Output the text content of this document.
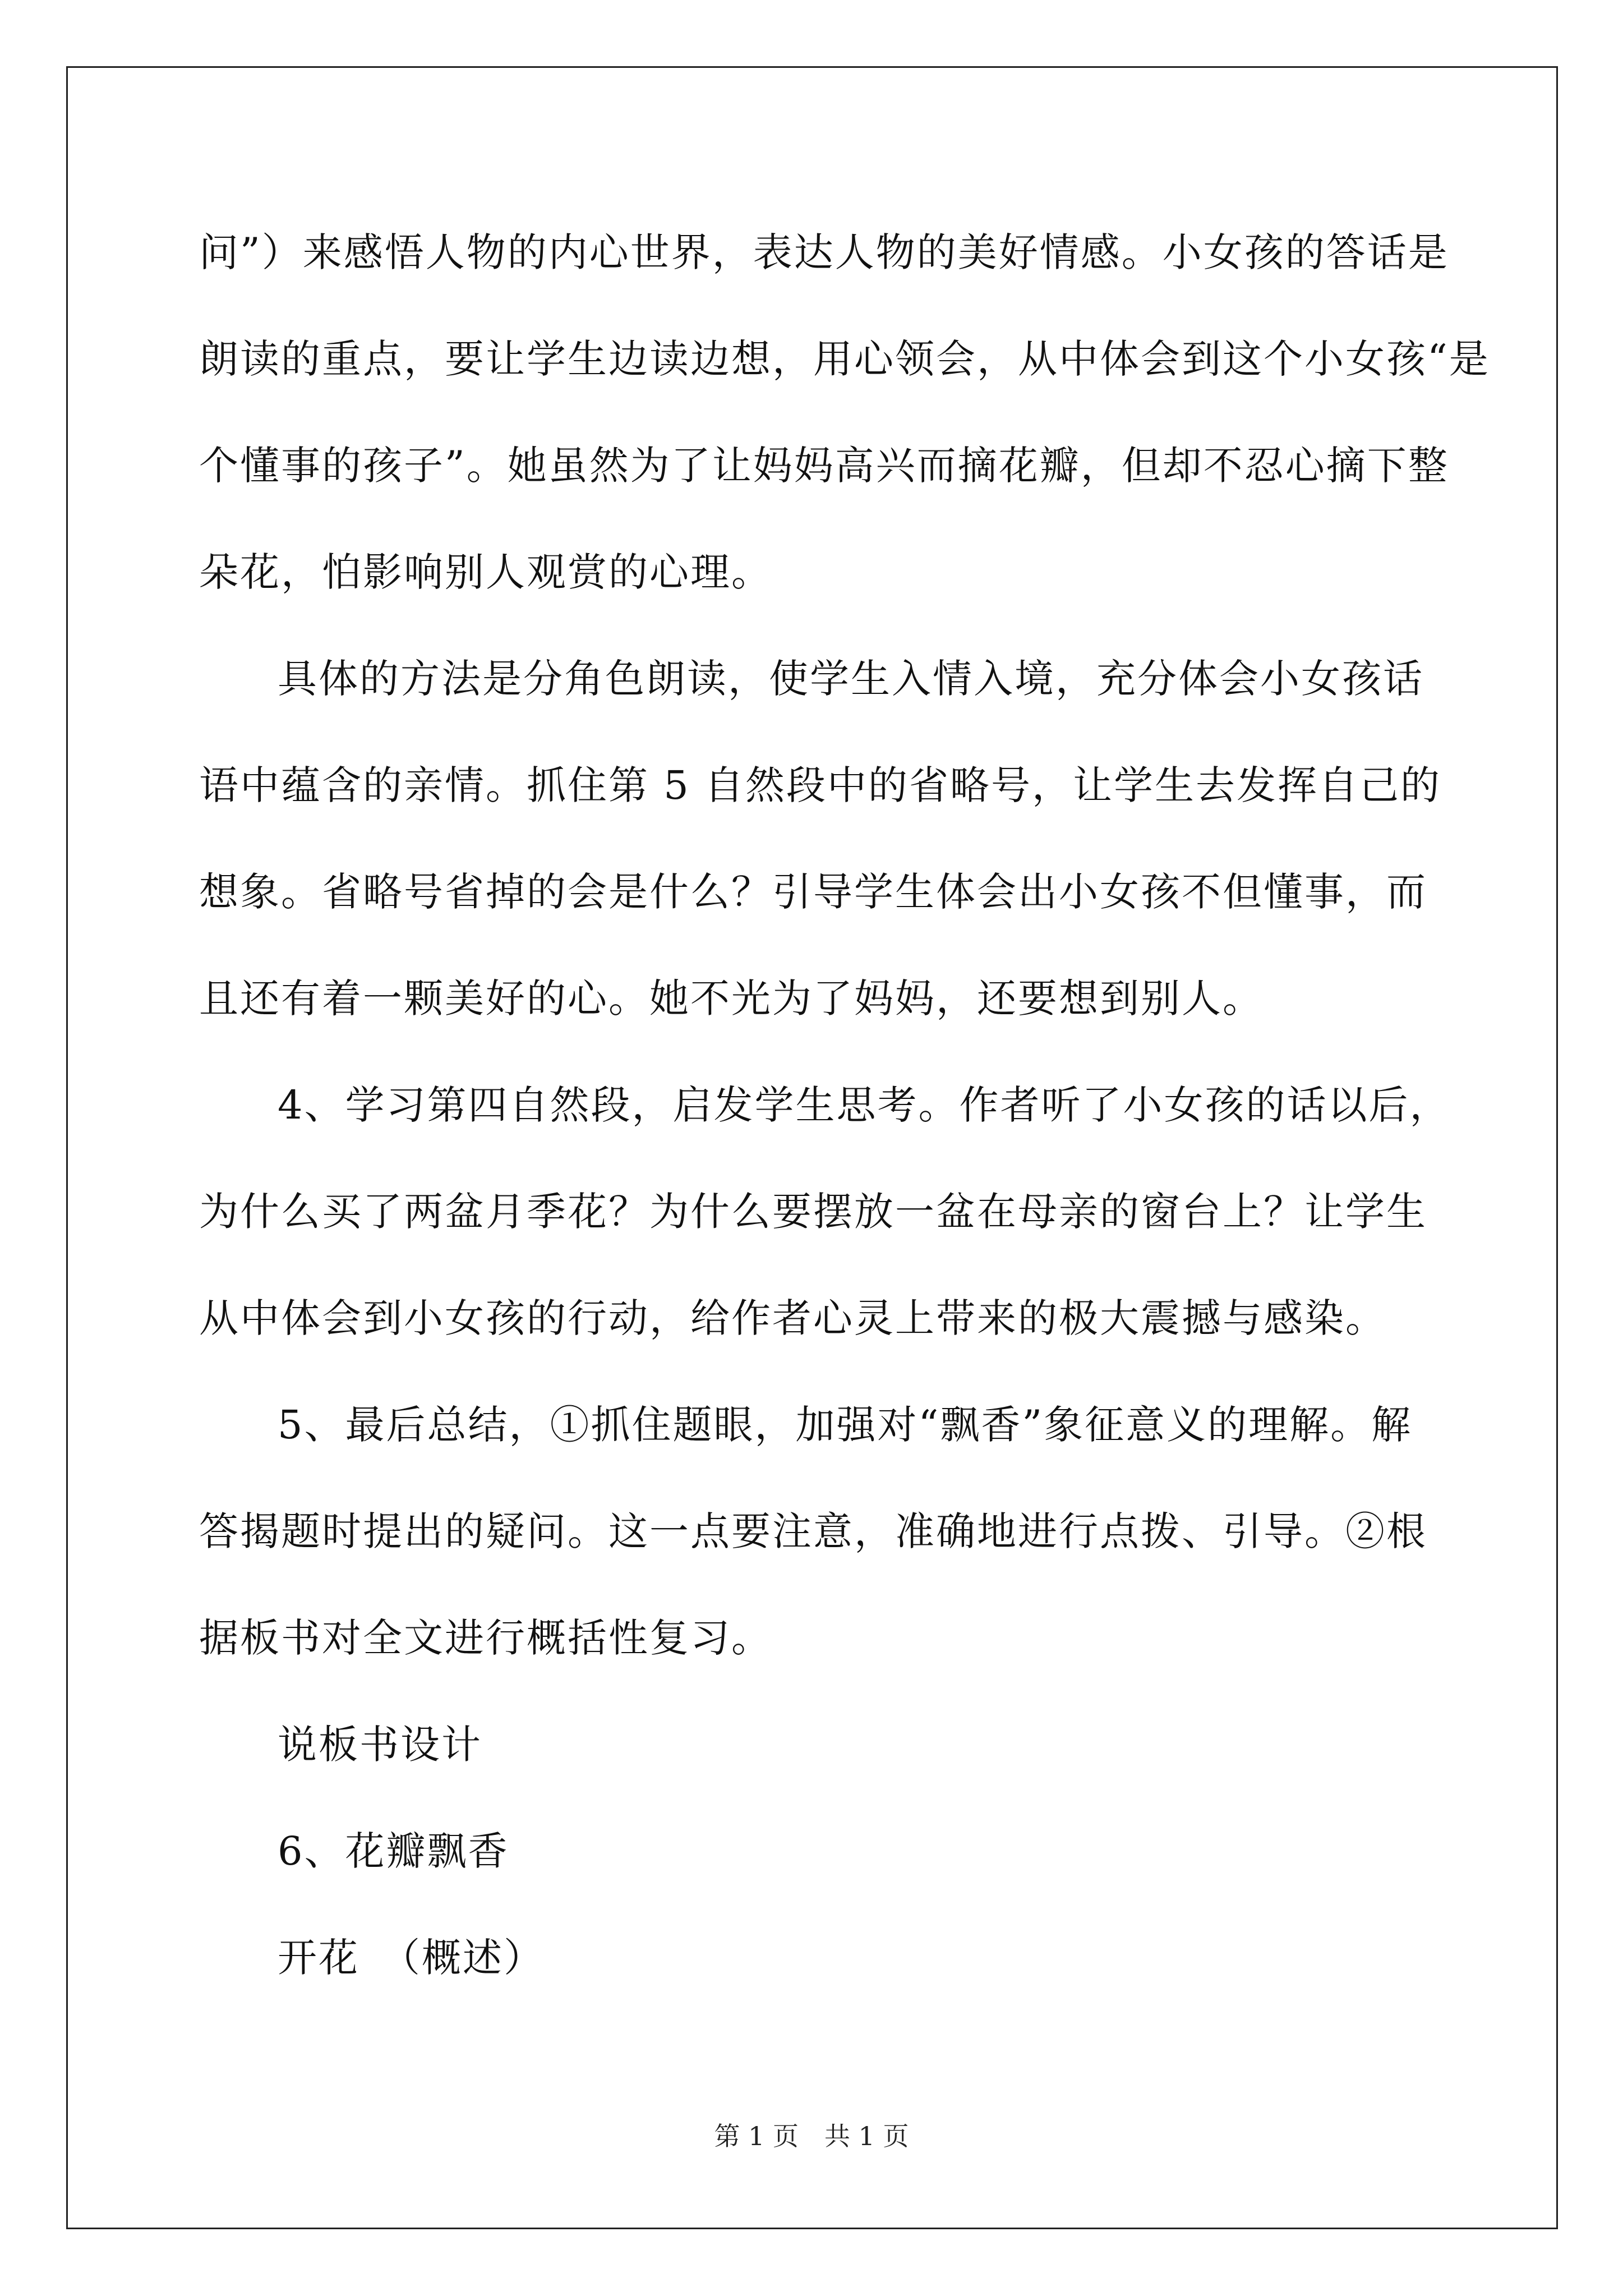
问”）来感悟人物的内心世界，表达人物的美好情感。小女孩的答话是
朗读的重点，要让学生边读边想，用心领会，从中体会到这个小女孩“是
个懂事的孩子”。她虽然为了让妈妈高兴而摘花瓣，但却不忍心摘下整
朵花，怕影响别人观赏的心理。
具体的方法是分角色朗读，使学生入情入境，充分体会小女孩话
语中蕴含的亲情。抓住第 5 自然段中的省略号，让学生去发挥自己的
想象。省略号省掉的会是什么？引导学生体会出小女孩不但懂事，而
且还有着一颗美好的心。她不光为了妈妈，还要想到别人。
4、学习第四自然段，启发学生思考。作者听了小女孩的话以后，
为什么买了两盆月季花？为什么要摆放一盆在母亲的窗台上？让学生
从中体会到小女孩的行动，给作者心灵上带来的极大震撼与感染。
5、最后总结，①抓住题眼，加强对“飘香”象征意义的理解。解
答揭题时提出的疑问。这一点要注意，准确地进行点拨、引导。②根
据板书对全文进行概括性复习。
说板书设计
6、花瓣飘香
开花　（概述）
第 1 页　共 1 页
